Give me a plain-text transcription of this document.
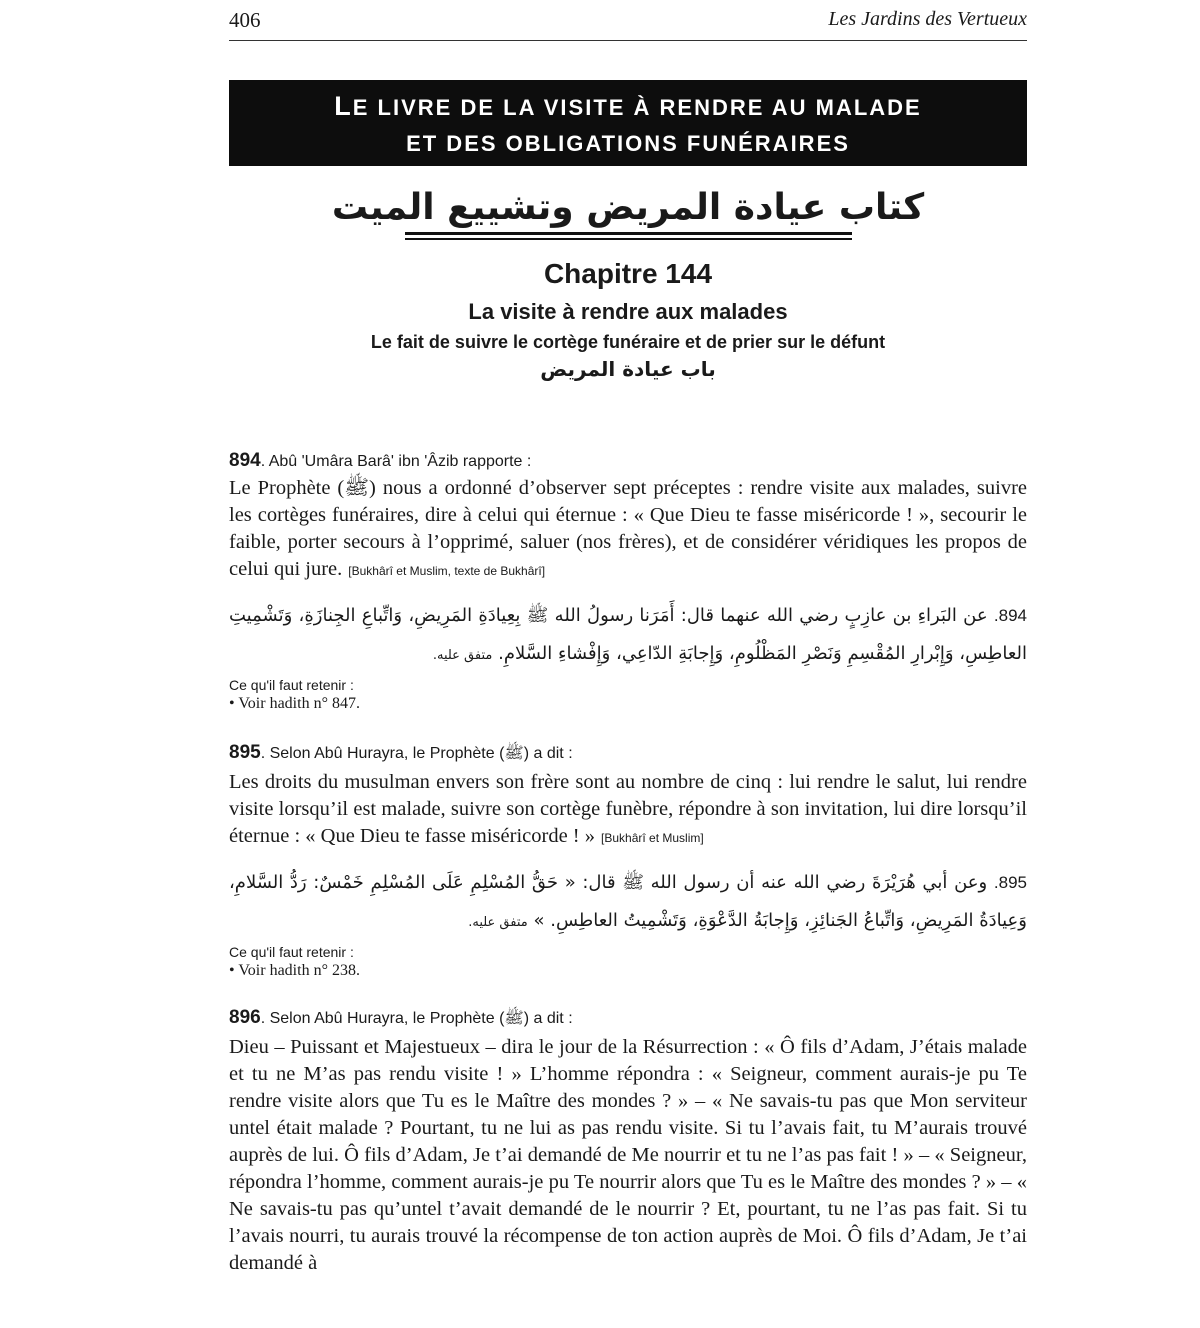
406	Les Jardins des Vertueux
LE LIVRE DE LA VISITE À RENDRE AU MALADE
ET DES OBLIGATIONS FUNÉRAIRES
كتاب عيادة المريض وتشييع الميت
Chapitre 144
La visite à rendre aux malades
Le fait de suivre le cortège funéraire et de prier sur le défunt
باب عيادة المريض
894. Abû 'Umâra Barâ' ibn 'Âzib rapporte :
Le Prophète (ﷺ) nous a ordonné d’observer sept préceptes : rendre visite aux malades, suivre les cortèges funéraires, dire à celui qui éternue : « Que Dieu te fasse miséricorde ! », secourir le faible, porter secours à l’opprimé, saluer (nos frères), et de considérer véridiques les propos de celui qui jure. [Bukhârî et Muslim, texte de Bukhârî]
894. عن البَراءِ بن عازِبٍ رضي الله عنهما قال: أَمَرَنا رسولُ الله ﷺ بِعِيادَةِ المَرِيضِ، وَاتِّباعِ الجِنازَةِ، وَتَشْمِيتِ العاطِسِ، وَإِبْرارِ المُقْسِمِ وَنَصْرِ المَظْلُومِ، وَإِجابَةِ الدّاعِي، وَإِفْشاءِ السَّلامِ. متفق عليه.
Ce qu'il faut retenir :
• Voir hadith n° 847.
895. Selon Abû Hurayra, le Prophète (ﷺ) a dit :
Les droits du musulman envers son frère sont au nombre de cinq : lui rendre le salut, lui rendre visite lorsqu’il est malade, suivre son cortège funèbre, répondre à son invitation, lui dire lorsqu’il éternue : « Que Dieu te fasse miséricorde ! » [Bukhârî et Muslim]
895. وعن أبي هُرَيْرَةَ رضي الله عنه أن رسول الله ﷺ قال: « حَقُّ المُسْلِمِ عَلَى المُسْلِمِ خَمْسٌ: رَدُّ السَّلامِ، وَعِيادَةُ المَرِيضِ، وَاتِّباعُ الجَنائِزِ، وَإِجابَةُ الدَّعْوَةِ، وَتَشْمِيتُ العاطِسِ. » متفق عليه.
Ce qu'il faut retenir :
• Voir hadith n° 238.
896. Selon Abû Hurayra, le Prophète (ﷺ) a dit :
Dieu – Puissant et Majestueux – dira le jour de la Résurrection : « Ô fils d’Adam, J’étais malade et tu ne M’as pas rendu visite ! » L’homme répondra : « Seigneur, comment aurais-je pu Te rendre visite alors que Tu es le Maître des mondes ? » – « Ne savais-tu pas que Mon serviteur untel était malade ? Pourtant, tu ne lui as pas rendu visite. Si tu l’avais fait, tu M’aurais trouvé auprès de lui. Ô fils d’Adam, Je t’ai demandé de Me nourrir et tu ne l’as pas fait ! » – « Seigneur, répondra l’homme, comment aurais-je pu Te nourrir alors que Tu es le Maître des mondes ? » – « Ne savais-tu pas qu’untel t’avait demandé de le nourrir ? Et, pourtant, tu ne l’as pas fait. Si tu l’avais nourri, tu aurais trouvé la récompense de ton action auprès de Moi. Ô fils d’Adam, Je t’ai demandé à
